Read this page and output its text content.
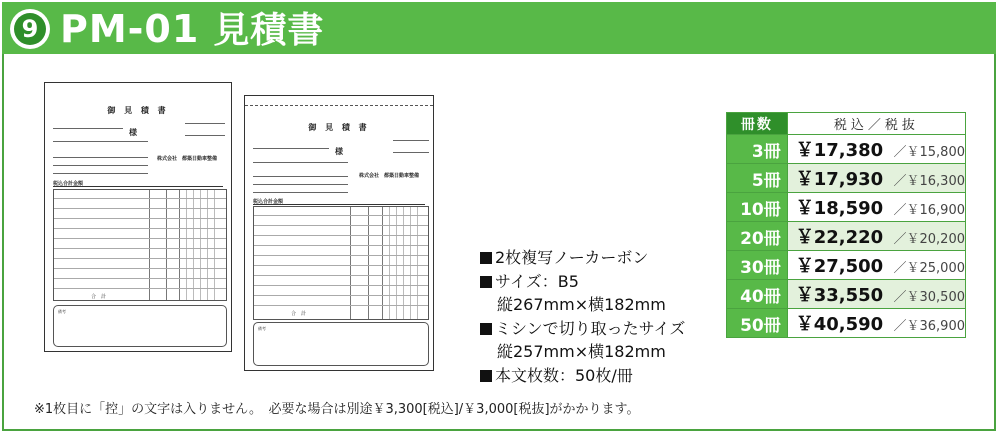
9 PM-01 見積書
御 見 積 書
様
株式会社　都築日動車整備
税込合計金額
合　計
備考
御 見 積 書
様
株式会社　都築日動車整備
税込合計金額
合　計
備考
2枚複写ノーカーボン
サイズ：B5
縦267mm×横182mm
ミシンで切り取ったサイズ
縦257mm×横182mm
本文枚数：50枚/冊
冊数	税込／税抜
3冊	￥17,380 ／￥15,800
5冊	￥17,930 ／￥16,300
10冊	￥18,590 ／￥16,900
20冊	￥22,220 ／￥20,200
30冊	￥27,500 ／￥25,000
40冊	￥33,550 ／￥30,500
50冊	￥40,590 ／￥36,900
※1枚目に「控」の文字は入りません。　必要な場合は別途￥3,300[税込]/￥3,000[税抜]がかかります。
